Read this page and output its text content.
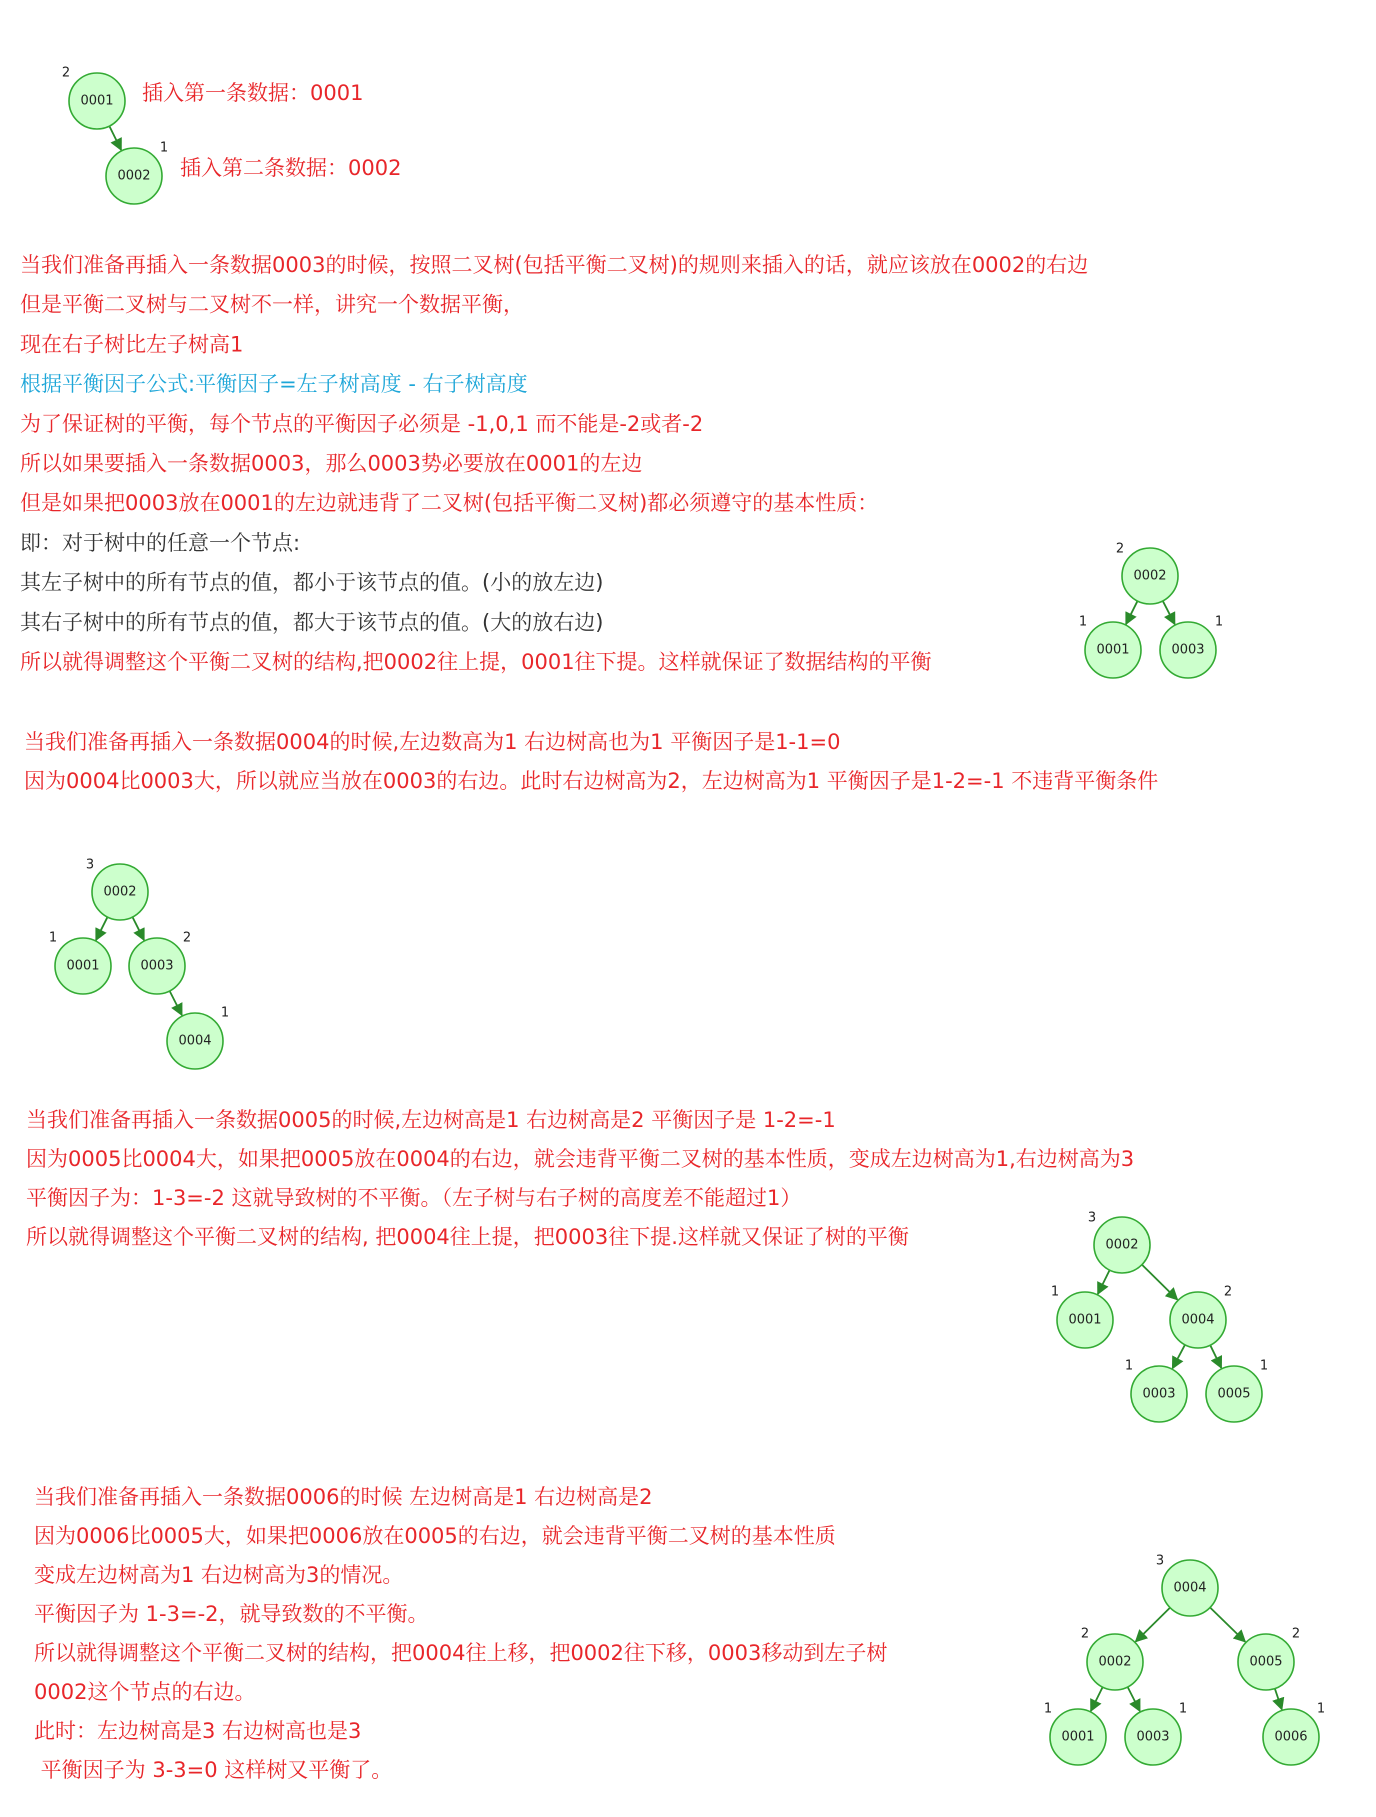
0001
2
0002
1
0002
2
0001
1
0003
1
0002
3
0001
1
0003
2
0004
1
0002
3
0001
1
0004
2
0003
1
0005
1
0004
3
0002
2
0005
2
0001
1
0003
1
0006
1
插入第一条数据：0001
插入第二条数据：0002
当我们准备再插入一条数据0003的时候，按照二叉树(包括平衡二叉树)的规则来插入的话，就应该放在0002的右边
但是平衡二叉树与二叉树不一样，讲究一个数据平衡，
现在右子树比左子树高1
根据平衡因子公式:平衡因子=左子树高度 - 右子树高度
为了保证树的平衡，每个节点的平衡因子必须是 -1,0,1 而不能是-2或者-2
所以如果要插入一条数据0003，那么0003势必要放在0001的左边
但是如果把0003放在0001的左边就违背了二叉树(包括平衡二叉树)都必须遵守的基本性质：
即：对于树中的任意一个节点:
其左子树中的所有节点的值，都小于该节点的值。(小的放左边)
其右子树中的所有节点的值，都大于该节点的值。(大的放右边)
所以就得调整这个平衡二叉树的结构,把0002往上提，0001往下提。这样就保证了数据结构的平衡
当我们准备再插入一条数据0004的时候,左边数高为1 右边树高也为1 平衡因子是1-1=0
因为0004比0003大，所以就应当放在0003的右边。此时右边树高为2，左边树高为1 平衡因子是1-2=-1 不违背平衡条件
当我们准备再插入一条数据0005的时候,左边树高是1 右边树高是2 平衡因子是 1-2=-1
因为0005比0004大，如果把0005放在0004的右边，就会违背平衡二叉树的基本性质，变成左边树高为1,右边树高为3
平衡因子为：1-3=-2 这就导致树的不平衡。（左子树与右子树的高度差不能超过1）
所以就得调整这个平衡二叉树的结构, 把0004往上提，把0003往下提.这样就又保证了树的平衡
当我们准备再插入一条数据0006的时候 左边树高是1 右边树高是2
因为0006比0005大，如果把0006放在0005的右边，就会违背平衡二叉树的基本性质
变成左边树高为1 右边树高为3的情况。
平衡因子为 1-3=-2，就导致数的不平衡。
所以就得调整这个平衡二叉树的结构，把0004往上移，把0002往下移，0003移动到左子树
0002这个节点的右边。
此时：左边树高是3 右边树高也是3
平衡因子为 3-3=0 这样树又平衡了。
